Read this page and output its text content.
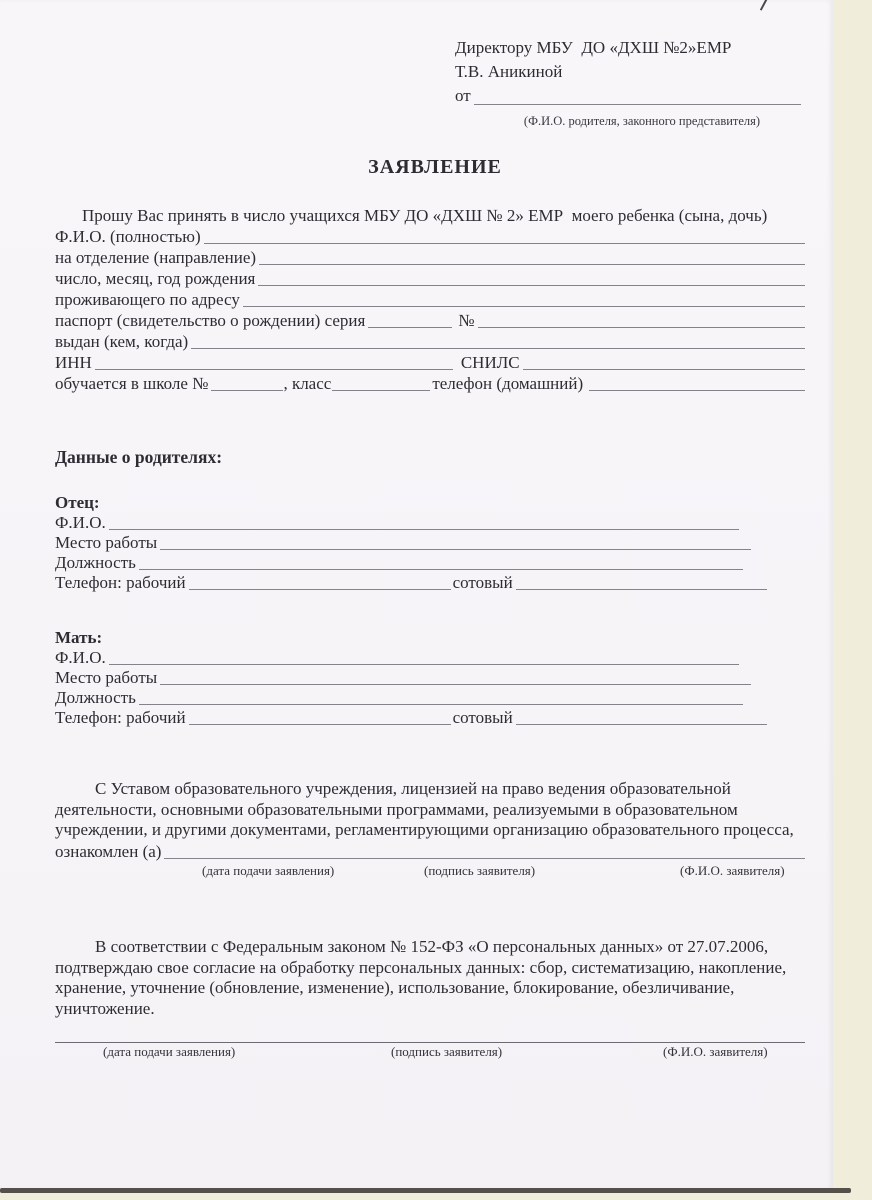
Директору МБУ  ДО «ДХШ №2»ЕМР
Т.В. Аникиной
от
(Ф.И.О. родителя, законного представителя)
ЗАЯВЛЕНИЕ
Прошу Вас принять в число учащихся МБУ ДО «ДХШ № 2» ЕМР  моего ребенка (сына, дочь)
Ф.И.О. (полностью)
на отделение (направление)
число, месяц, год рождения
проживающего по адресу
паспорт (свидетельство о рождении) серия	№
выдан (кем, когда)
ИНН	СНИЛС
обучается в школе №	, класс	телефон (домашний)
Данные о родителях:
Отец:
Ф.И.О.
Место работы
Должность
Телефон: рабочий	сотовый
Мать:
Ф.И.О.
Место работы
Должность
Телефон: рабочий	сотовый
С Уставом образовательного учреждения, лицензией на право ведения образовательной
деятельности, основными образовательными программами, реализуемыми в образовательном
учреждении, и другими документами, регламентирующими организацию образовательного процесса,
ознакомлен (а)
(дата подачи заявления)	(подпись заявителя)	(Ф.И.О. заявителя)
В соответствии с Федеральным законом № 152-ФЗ «О персональных данных» от 27.07.2006,
подтверждаю свое согласие на обработку персональных данных: сбор, систематизацию, накопление,
хранение, уточнение (обновление, изменение), использование, блокирование, обезличивание,
уничтожение.
(дата подачи заявления)	(подпись заявителя)	(Ф.И.О. заявителя)
